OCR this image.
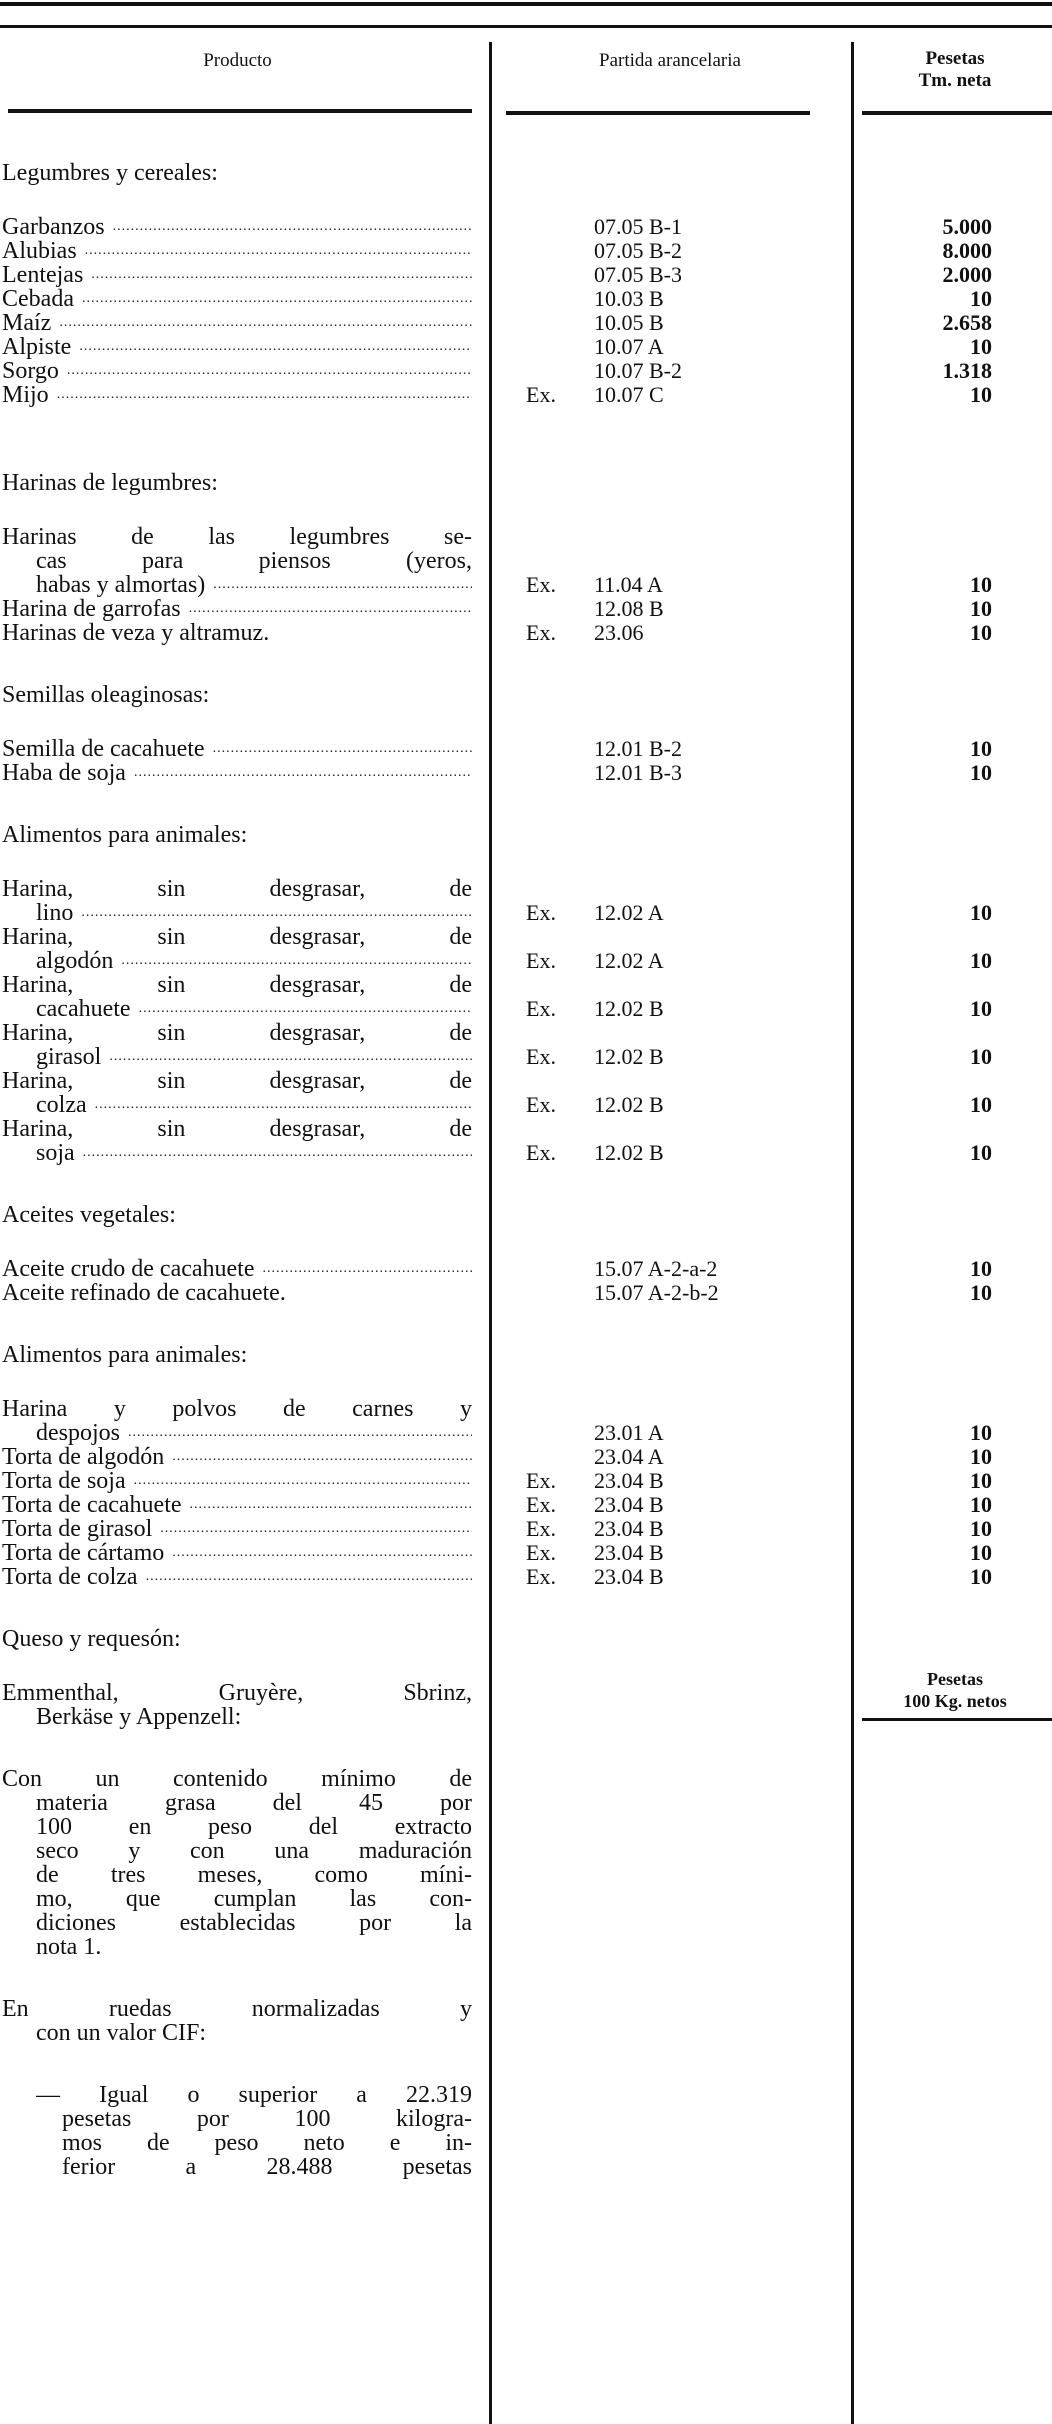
Producto	Partida arancelaria	Pesetas
Tm. neta
Legumbres y cereales:
Garbanzos .....	07.05 B-1	5.000
Alubias .....	07.05 B-2	8.000
Lentejas .....	07.05 B-3	2.000
Cebada .....	10.03 B	10
Maíz .....	10.05 B	2.658
Alpiste .....	10.07 A	10
Sorgo .....	10.07 B-2	1.318
Mijo .....	Ex. 10.07 C	10
Harinas de legumbres:
Harinas de las legumbres se-
cas para piensos (yeros,
habas y almortas) .....	Ex. 11.04 A	10
Harina de garrofas .....	12.08 B	10
Harinas de veza y altramuz.	Ex. 23.06	10
Semillas oleaginosas:
Semilla de cacahuete .....	12.01 B-2	10
Haba de soja .....	12.01 B-3	10
Alimentos para animales:
Harina, sin desgrasar, de
lino .....	Ex. 12.02 A	10
Harina, sin desgrasar, de
algodón .....	Ex. 12.02 A	10
Harina, sin desgrasar, de
cacahuete .....	Ex. 12.02 B	10
Harina, sin desgrasar, de
girasol .....	Ex. 12.02 B	10
Harina, sin desgrasar, de
colza .....	Ex. 12.02 B	10
Harina, sin desgrasar, de
soja .....	Ex. 12.02 B	10
Aceites vegetales:
Aceite crudo de cacahuete .....	15.07 A-2-a-2	10
Aceite refinado de cacahuete.	15.07 A-2-b-2	10
Alimentos para animales:
Harina y polvos de carnes y
despojos .....	23.01 A	10
Torta de algodón .....	23.04 A	10
Torta de soja .....	Ex. 23.04 B	10
Torta de cacahuete .....	Ex. 23.04 B	10
Torta de girasol .....	Ex. 23.04 B	10
Torta de cártamo .....	Ex. 23.04 B	10
Torta de colza .....	Ex. 23.04 B	10
Queso y requesón:
Emmenthal, Gruyère, Sbrinz,
Pesetas
100 Kg. netos
Berkäse y Appenzell:
Con un contenido mínimo de
materia grasa del 45 por
100 en peso del extracto
seco y con una maduración
de tres meses, como míni-
mo, que cumplan las con-
diciones establecidas por la
nota 1.
En ruedas normalizadas y
con un valor CIF:
— Igual o superior a 22.319
pesetas por 100 kilogra-
mos de peso neto e in-
ferior a 28.488 pesetas
